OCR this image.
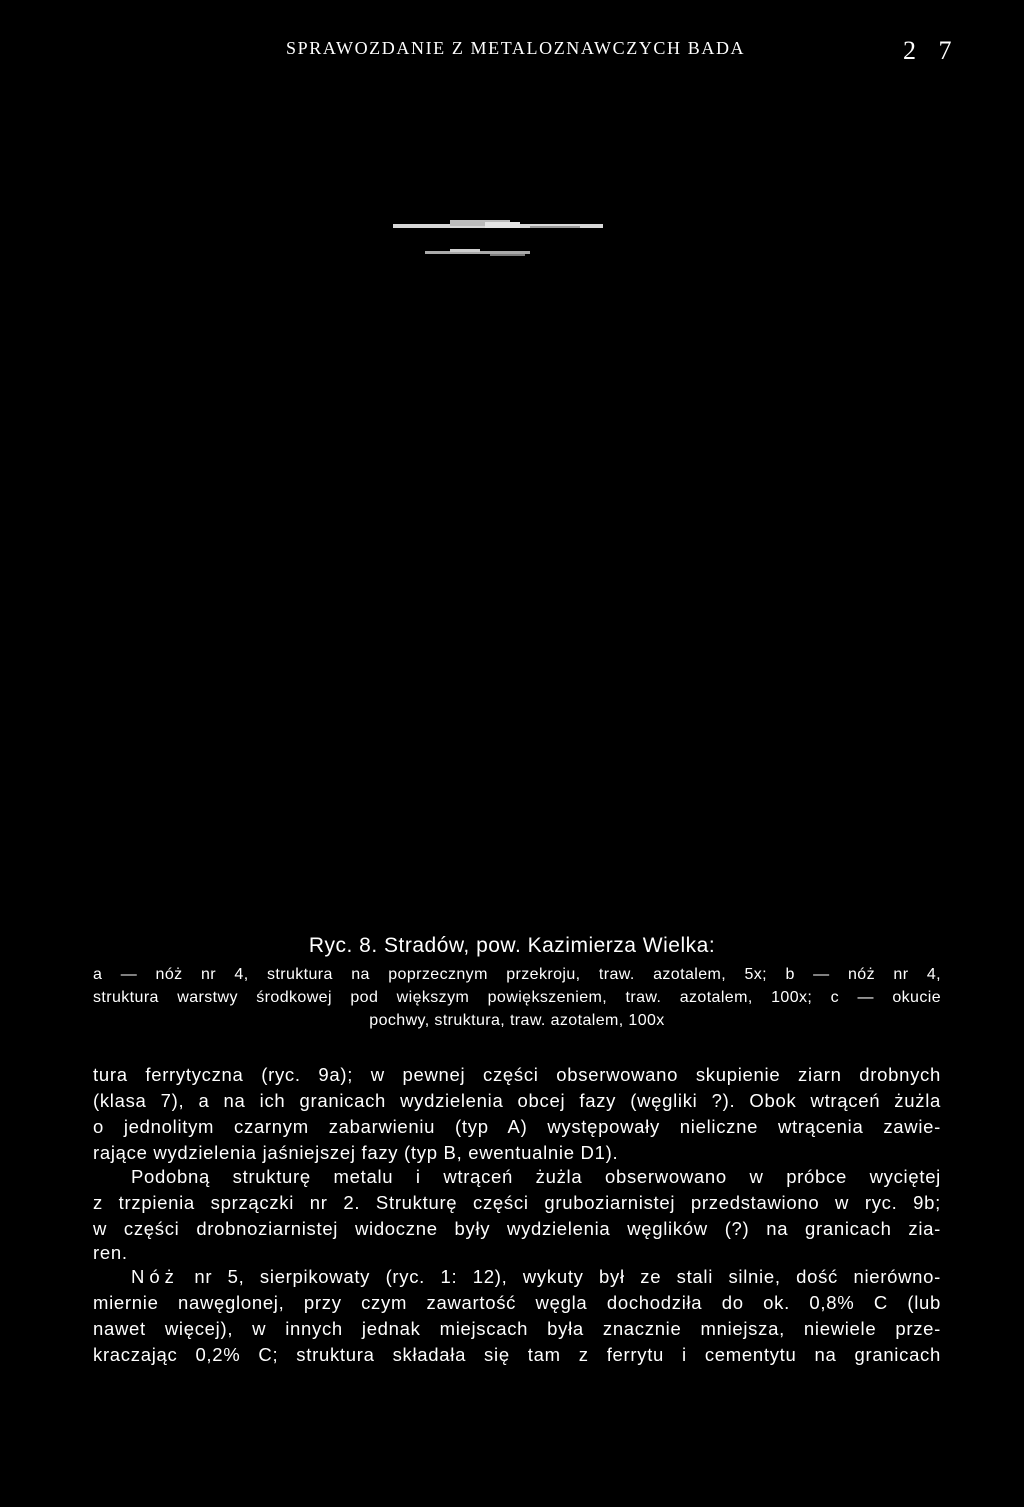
SPRAWOZDANIE Z METALOZNAWCZYCH BADA	2 7
Ryc. 8. Stradów, pow. Kazimierza Wielka:
a — nóż nr 4, struktura na poprzecznym przekroju, traw. azotalem, 5x; b — nóż nr 4,
struktura warstwy środkowej pod większym powiększeniem, traw. azotalem, 100x; c — okucie
pochwy, struktura, traw. azotalem, 100x
tura ferrytyczna (ryc. 9a); w pewnej części obserwowano skupienie ziarn drobnych
(klasa 7), a na ich granicach wydzielenia obcej fazy (węgliki ?). Obok wtrąceń żużla
o jednolitym czarnym zabarwieniu (typ A) występowały nieliczne wtrącenia zawie-
rające wydzielenia jaśniejszej fazy (typ B, ewentualnie D1).
Podobną strukturę metalu i wtrąceń żużla obserwowano w próbce wyciętej
z trzpienia sprzączki nr 2. Strukturę części gruboziarnistej przedstawiono w ryc. 9b;
w części drobnoziarnistej widoczne były wydzielenia węglików (?) na granicach zia-
ren.
Nóż nr 5, sierpikowaty (ryc. 1: 12), wykuty był ze stali silnie, dość nierówno-
miernie nawęglonej, przy czym zawartość węgla dochodziła do ok. 0,8% C (lub
nawet więcej), w innych jednak miejscach była znacznie mniejsza, niewiele prze-
kraczając 0,2% C; struktura składała się tam z ferrytu i cementytu na granicach
